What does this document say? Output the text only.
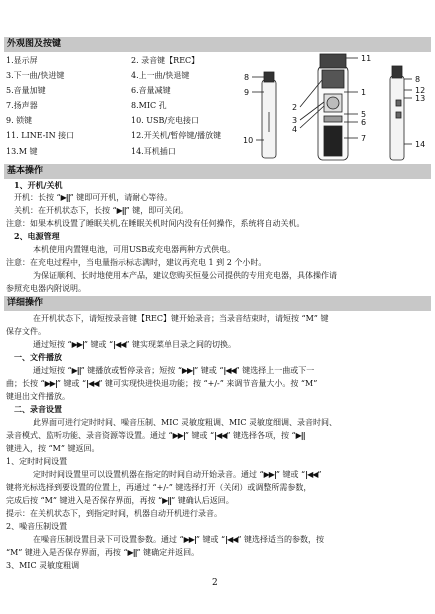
外观图及按键
1.显示屏	2. 录音键【REC】
3.下一曲/快进键	4.上一曲/快退键
5.音量加键	6.音量减键
7.扬声器	8.MIC 孔
9. 锁键	10. USB/充电接口
11. LINE-IN 接口	12.开关机/暂停键/播放键
13.M 键	14.耳机插口
11
8
9
2
3
4
1
5
6
7
10
8
12
13
14
基本操作
1、开机/关机
开机：长按 “▶||” 键即可开机，请耐心等待。
关机：在开机状态下，长按 “▶||” 键，即可关闭。
注意：如果本机设置了睡眠关机,在睡眠关机时间内没有任何操作，系统将自动关机。
2、电源管理
本机使用内置锂电池，可用USB或充电器两种方式供电。
注意：在充电过程中，当电量指示标志满时，建议再充电 1 到 2 个小时。
为保证顺利、长时地使用本产品，建议您购买恒曼公司提供的专用充电器，具体操作请
参照充电器内附说明。
详细操作
在开机状态下，请短按录音键【REC】键开始录音；当录音结束时，请短按 “M” 键
保存文件。
通过短按 “▶▶|” 键或 “|◀◀” 键实现菜单目录之间的切换。
一、文件播放
通过短按 “▶||” 键播放或暂停录音；短按 “▶▶|” 键或 “|◀◀” 键选择上一曲或下一
曲；长按 “▶▶|” 键或 “|◀◀” 键可实现快进快退功能；按 “+/-” 来调节音量大小。按 “M”
键退出文件播放。
二、录音设置
此界面可进行定时时间、噪音压制、MIC 灵敏度粗调、MIC 灵敏度细调、录音时间、
录音模式、监听功能、录音资源等设置。通过 “▶▶|” 键或 “|◀◀” 键选择各项，按 “▶||
键进入，按 “M” 键返回。
1、定时时间设置
定时时间设置里可以设置机器在指定的时间自动开始录音。通过 “▶▶|” 键或 “|◀◀”
键将光标选择到要设置的位置上，再通过 “+/-” 键选择打开（关闭）或调整所需参数，
完成后按 “M” 键进入是否保存界面，再按 “▶||” 键确认后返回。
提示：在关机状态下，到指定时间，机器自动开机进行录音。
2、噪音压制设置
在噪音压制设置目录下可设置参数。通过 “▶▶|” 键或 “|◀◀” 键选择适当的参数，按
“M” 键进入是否保存界面，再按 “▶||” 键确定并返回。
3、MIC 灵敏度粗调
2
